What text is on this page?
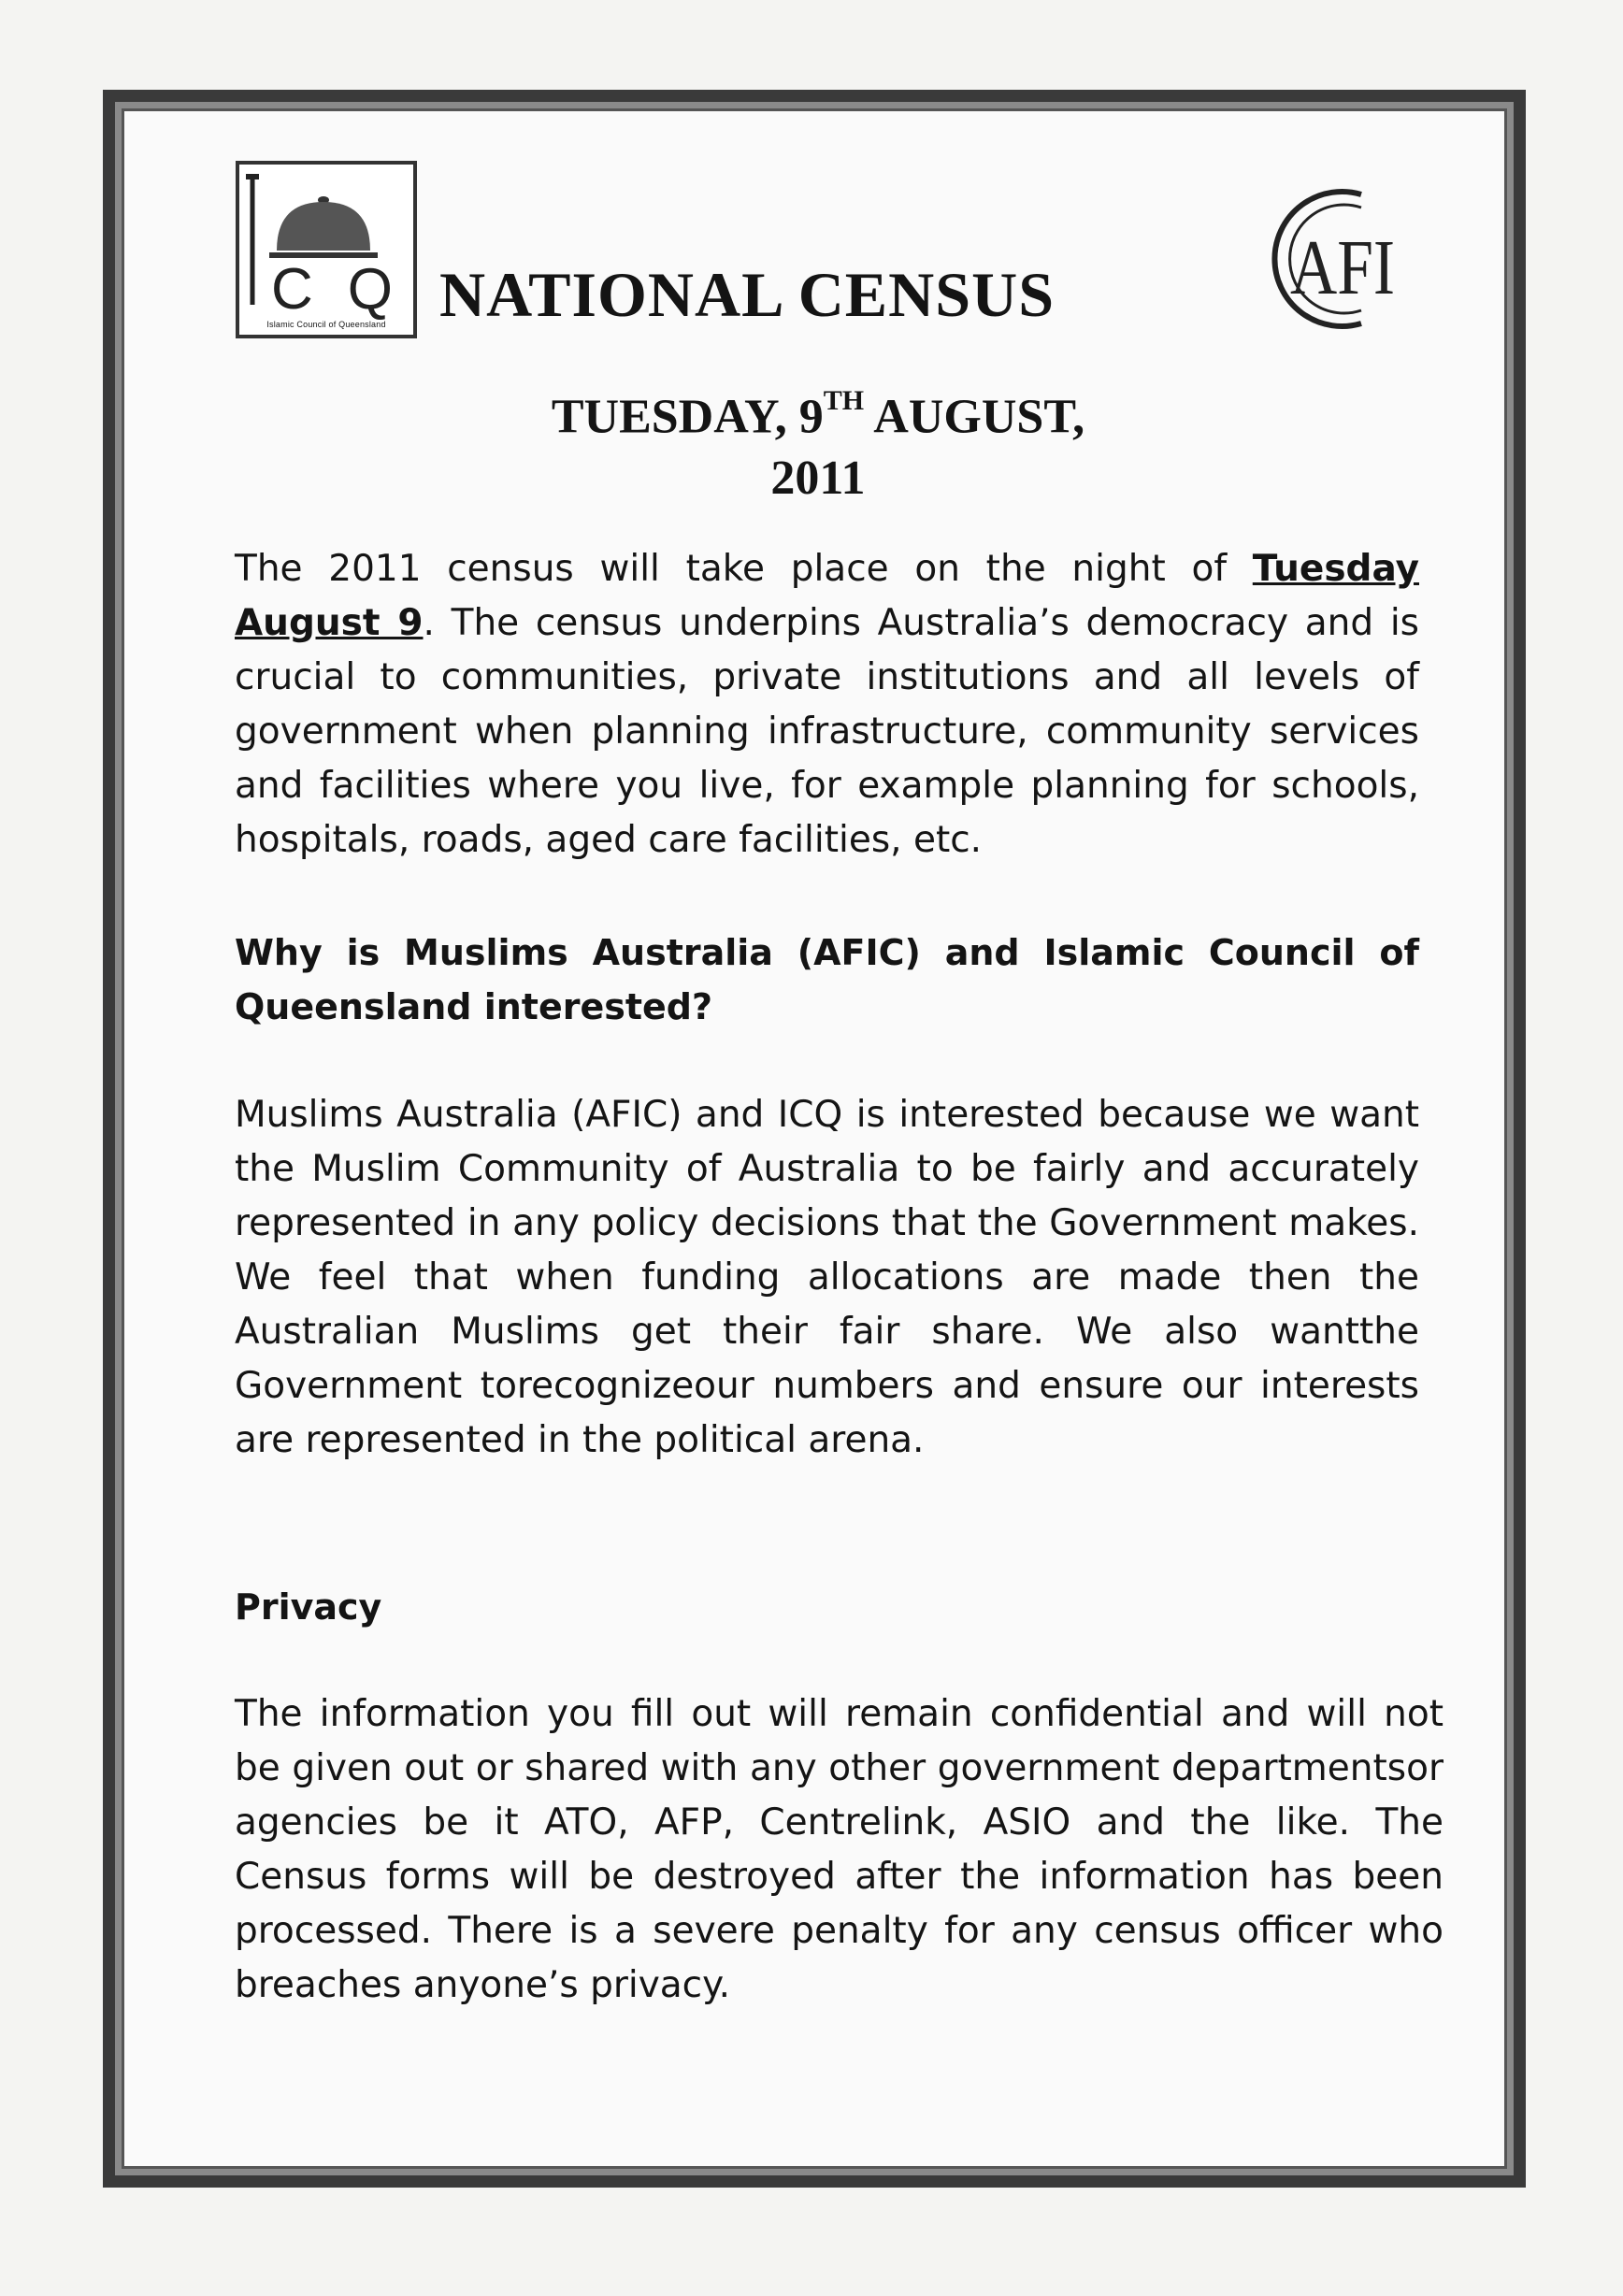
CQ
Islamic Council of Queensland
AFI
NATIONAL CENSUS
TUESDAY, 9TH AUGUST,
2011

The 2011 census will take place on the night of Tuesday August 9. The census underpins Australia’s democracy and is crucial to communities, private institutions and all levels of government when planning infrastructure, community services and facilities where you live, for example planning for schools, hospitals, roads, aged care facilities, etc.

Why is Muslims Australia (AFIC) and Islamic Council of Queensland interested?

Muslims Australia (AFIC) and ICQ is interested because we want the Muslim Community of Australia to be fairly and accurately represented in any policy decisions that the Government makes. We feel that when funding allocations are made then the Australian Muslims get their fair share. We also wantthe Government torecognizeour numbers and ensure our interests are represented in the political arena.

Privacy

The information you fill out will remain confidential and will not be given out or shared with any other government departmentsor agencies be it ATO, AFP, Centrelink, ASIO and the like. The Census forms will be destroyed after the information has been processed. There is a severe penalty for any census officer who breaches anyone’s privacy.
